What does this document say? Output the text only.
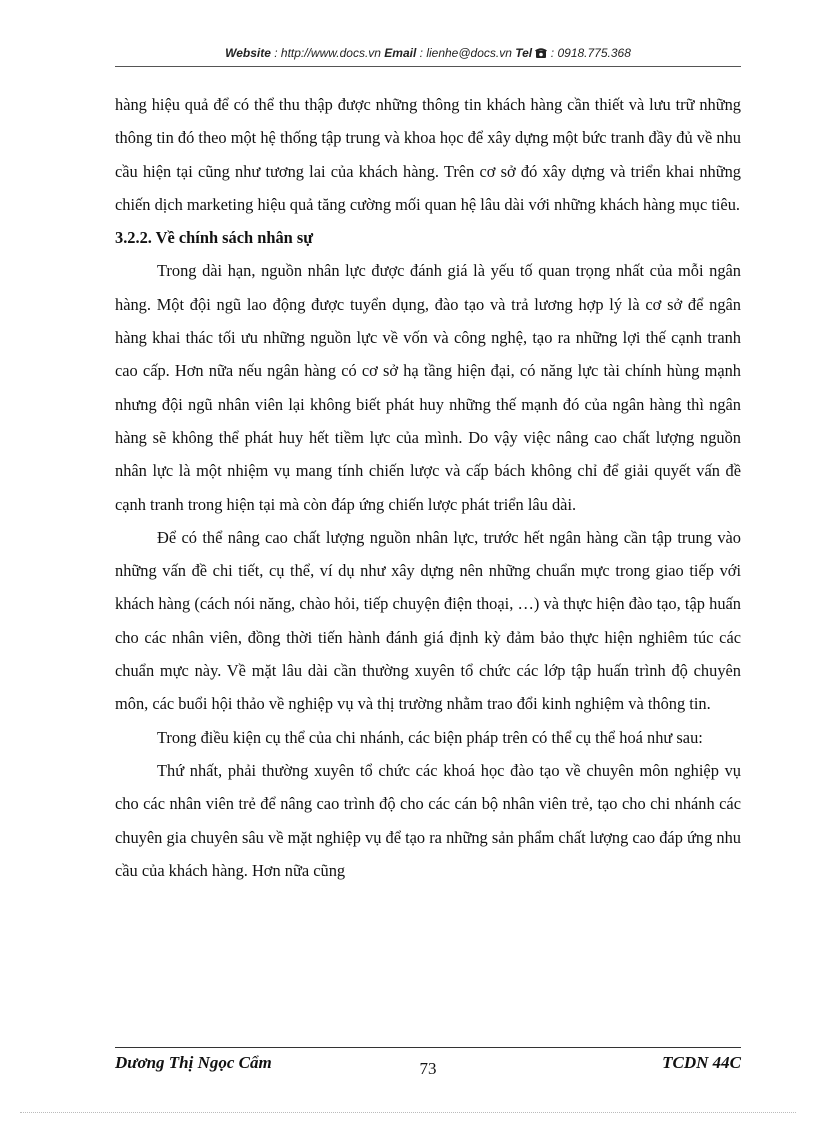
Website : http://www.docs.vn Email : lienhe@docs.vn Tel  : 0918.775.368

hàng hiệu quả để có thể thu thập được những thông tin khách hàng cần thiết và lưu trữ những thông tin đó theo một hệ thống tập trung và khoa học để xây dựng một bức tranh đầy đủ về nhu cầu hiện tại cũng như tương lai của khách hàng. Trên cơ sở đó xây dựng và triển khai những chiến dịch marketing hiệu quả tăng cường mối quan hệ lâu dài với những khách hàng mục tiêu.

3.2.2. Về chính sách nhân sự

Trong dài hạn, nguồn nhân lực được đánh giá là yếu tố quan trọng nhất của mỗi ngân hàng. Một đội ngũ lao động được tuyển dụng, đào tạo và trả lương hợp lý là cơ sở để ngân hàng khai thác tối ưu những nguồn lực về vốn và công nghệ, tạo ra những lợi thế cạnh tranh cao cấp. Hơn nữa nếu ngân hàng có cơ sở hạ tầng hiện đại, có năng lực tài chính hùng mạnh nhưng đội ngũ nhân viên lại không biết phát huy những thế mạnh đó của ngân hàng thì ngân hàng sẽ không thể phát huy hết tiềm lực của mình. Do vậy việc nâng cao chất lượng nguồn nhân lực là một nhiệm vụ mang tính chiến lược và cấp bách không chỉ để giải quyết vấn đề cạnh tranh trong hiện tại mà còn đáp ứng chiến lược phát triển lâu dài.

Để có thể nâng cao chất lượng nguồn nhân lực, trước hết ngân hàng cần tập trung vào những vấn đề chi tiết, cụ thể, ví dụ như xây dựng nên những chuẩn mực trong giao tiếp với khách hàng (cách nói năng, chào hỏi, tiếp chuyện điện thoại, …) và thực hiện đào tạo, tập huấn cho các nhân viên, đồng thời tiến hành đánh giá định kỳ đảm bảo thực hiện nghiêm túc các chuẩn mực này. Về mặt lâu dài cần thường xuyên tổ chức các lớp tập huấn trình độ chuyên môn, các buổi hội thảo về nghiệp vụ và thị trường nhằm trao đổi kinh nghiệm và thông tin.

Trong điều kiện cụ thể của chi nhánh, các biện pháp trên có thể cụ thể hoá như sau:

Thứ nhất, phải thường xuyên tổ chức các khoá học đào tạo về chuyên môn nghiệp vụ cho các nhân viên trẻ để nâng cao trình độ cho các cán bộ nhân viên trẻ, tạo cho chi nhánh các chuyên gia chuyên sâu về mặt nghiệp vụ để tạo ra những sản phẩm chất lượng cao đáp ứng nhu cầu của khách hàng. Hơn nữa cũng

Dương Thị Ngọc Cẩm	73	TCDN 44C
